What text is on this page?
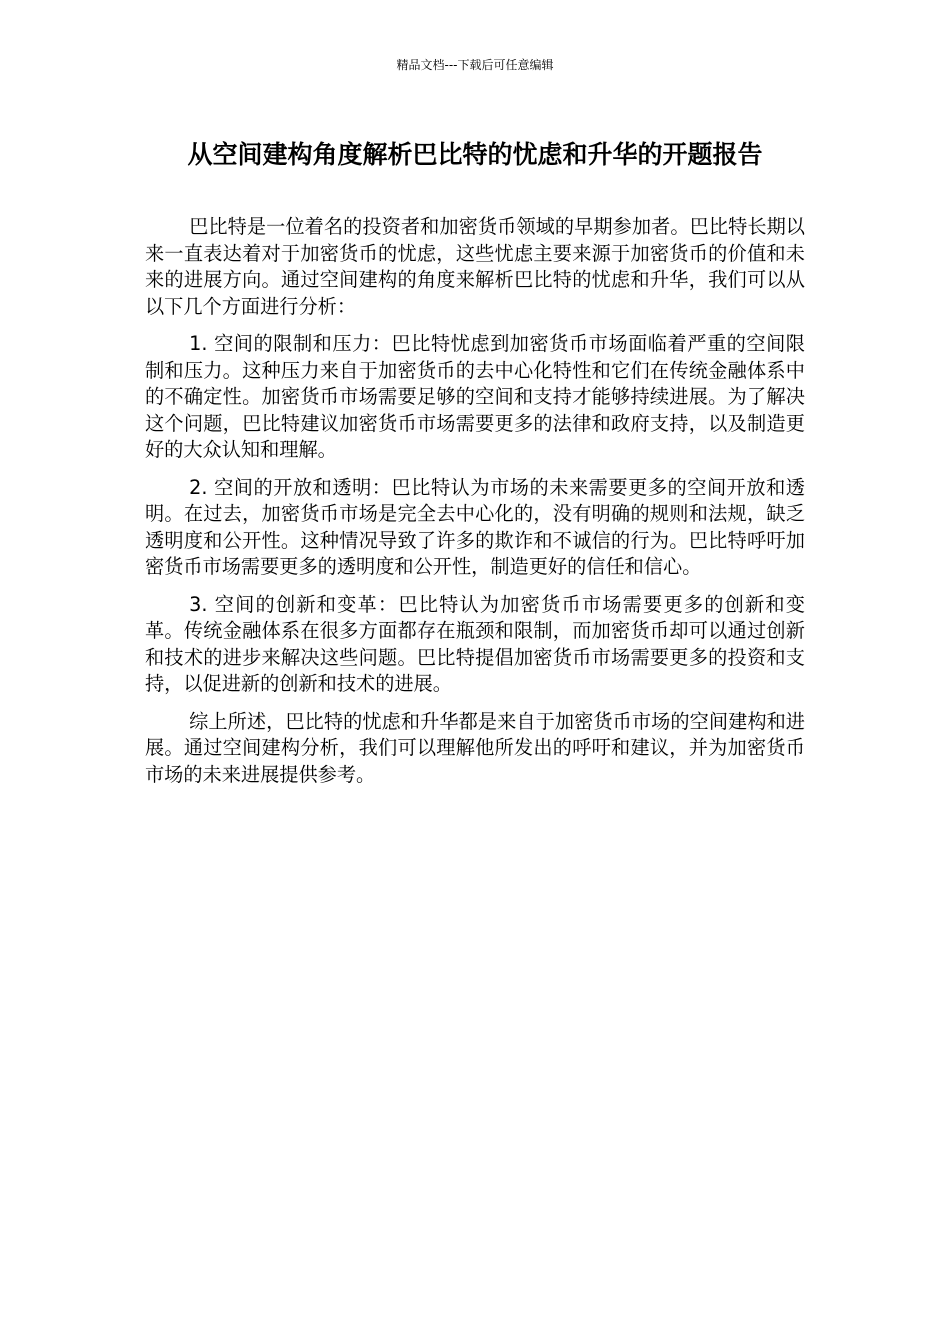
精品文档---下载后可任意编辑
从空间建构角度解析巴比特的忧虑和升华的开题报告

巴比特是一位着名的投资者和加密货币领域的早期参加者。巴比特长期以来一直表达着对于加密货币的忧虑，这些忧虑主要来源于加密货币的价值和未来的进展方向。通过空间建构的角度来解析巴比特的忧虑和升华，我们可以从以下几个方面进行分析：

1. 空间的限制和压力：巴比特忧虑到加密货币市场面临着严重的空间限制和压力。这种压力来自于加密货币的去中心化特性和它们在传统金融体系中的不确定性。加密货币市场需要足够的空间和支持才能够持续进展。为了解决这个问题，巴比特建议加密货币市场需要更多的法律和政府支持，以及制造更好的大众认知和理解。

2. 空间的开放和透明：巴比特认为市场的未来需要更多的空间开放和透明。在过去，加密货币市场是完全去中心化的，没有明确的规则和法规，缺乏透明度和公开性。这种情况导致了许多的欺诈和不诚信的行为。巴比特呼吁加密货币市场需要更多的透明度和公开性，制造更好的信任和信心。

3. 空间的创新和变革：巴比特认为加密货币市场需要更多的创新和变革。传统金融体系在很多方面都存在瓶颈和限制，而加密货币却可以通过创新和技术的进步来解决这些问题。巴比特提倡加密货币市场需要更多的投资和支持，以促进新的创新和技术的进展。

综上所述，巴比特的忧虑和升华都是来自于加密货币市场的空间建构和进展。通过空间建构分析，我们可以理解他所发出的呼吁和建议，并为加密货币市场的未来进展提供参考。
